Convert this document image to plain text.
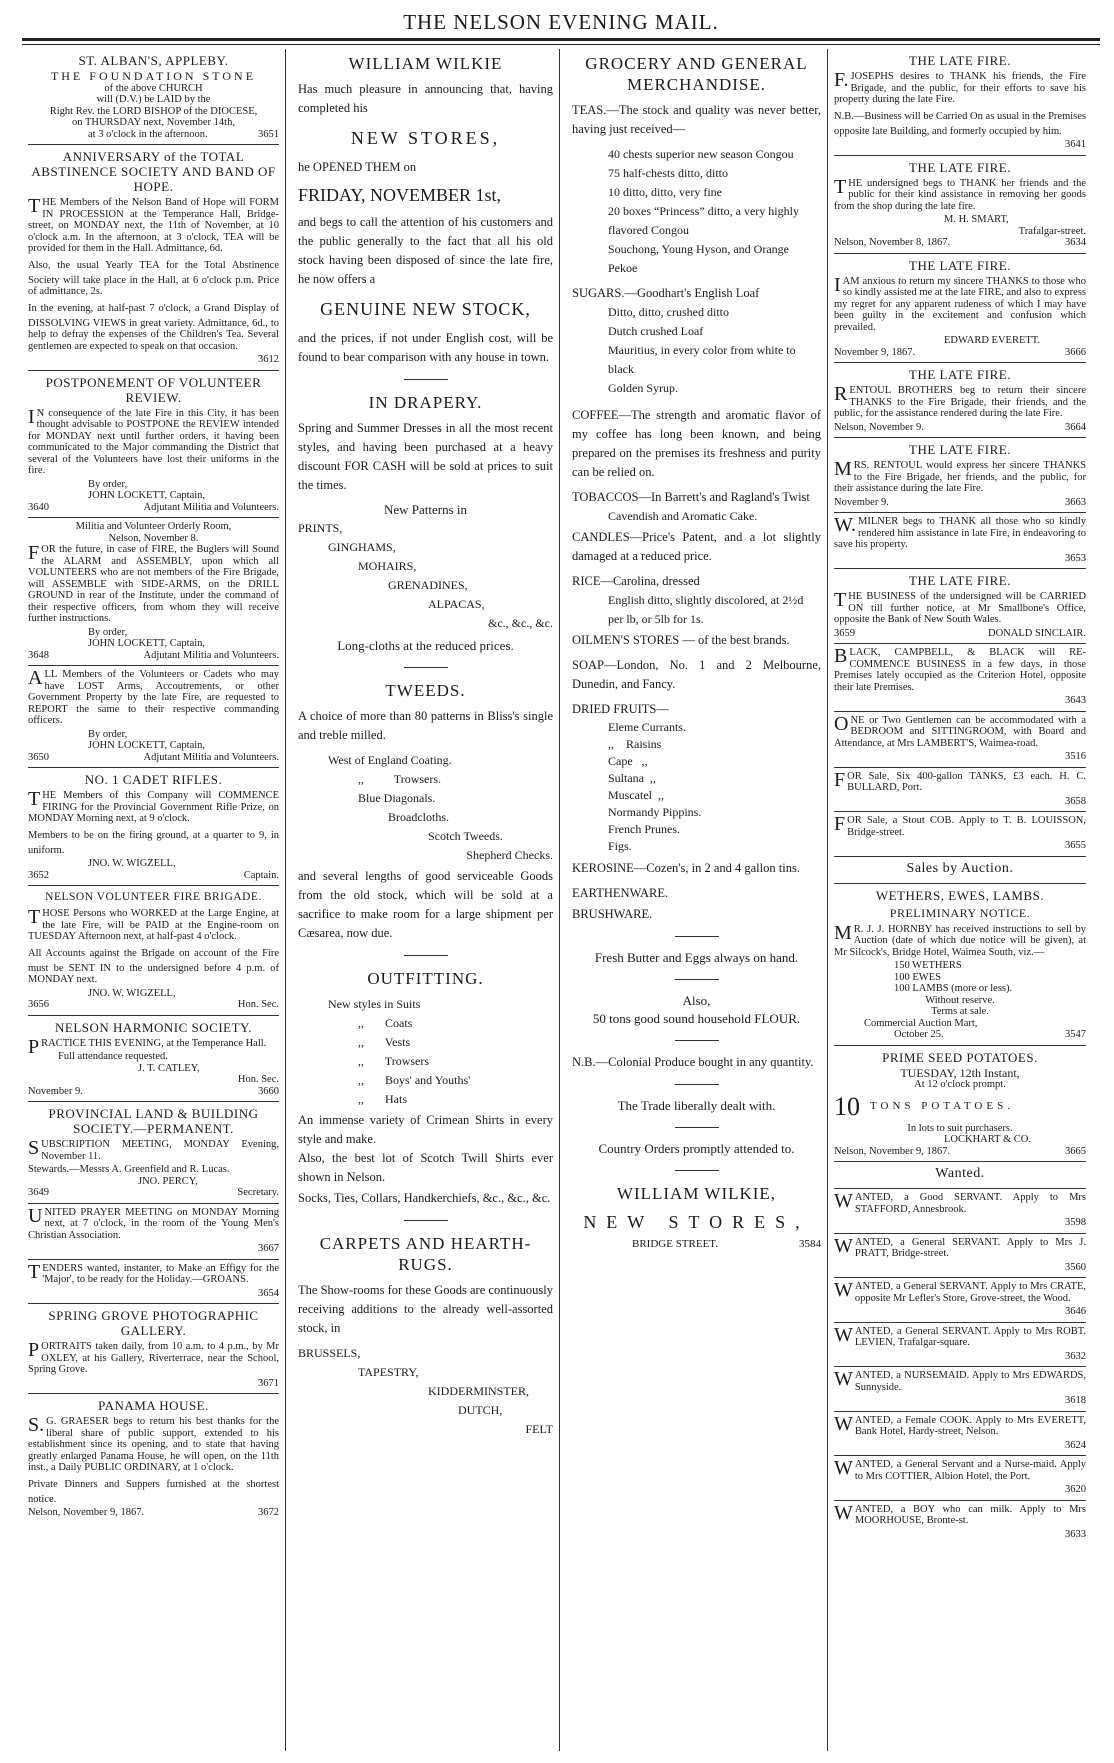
THE NELSON EVENING MAIL.
ST. ALBAN'S, APPLEBY.
THE FOUNDATION STONE
of the above CHURCH
will (D.V.) be LAID by the
Right Rev. the LORD BISHOP of the DIOCESE,
on THURSDAY next, November 14th,
at 3 o'clock in the afternoon.	3651
ANNIVERSARY of the TOTAL ABSTINENCE SOCIETY AND BAND OF HOPE.

THE Members of the Nelson Band of Hope will FORM IN PROCESSION at the Temperance Hall, Bridge-street, on MONDAY next, the 11th of November, at 10 o'clock a.m. In the afternoon, at 3 o'clock, TEA will be provided for them in the Hall. Admittance, 6d.

Also, the usual Yearly TEA for the Total Abstinence Society will take place in the Hall, at 6 o'clock p.m. Price of admittance, 2s.

In the evening, at half-past 7 o'clock, a Grand Display of DISSOLVING VIEWS in great variety. Admittance, 6d., to help to defray the expenses of the Children's Tea. Several gentlemen are expected to speak on that occasion.

3612
POSTPONEMENT OF VOLUNTEER REVIEW.

IN consequence of the late Fire in this City, it has been thought advisable to POSTPONE the REVIEW intended for MONDAY next until further orders, it having been communicated to the Major commanding the District that several of the Volunteers have lost their uniforms in the fire.

By order,
JOHN LOCKETT, Captain,
3640	Adjutant Militia and Volunteers.
Militia and Volunteer Orderly Room,
Nelson, November 8.

FOR the future, in case of FIRE, the Buglers will Sound the ALARM and ASSEMBLY, upon which all VOLUNTEERS who are not members of the Fire Brigade, will ASSEMBLE with SIDE-ARMS, on the DRILL GROUND in rear of the Institute, under the command of their respective officers, from whom they will receive further instructions.

By order,
JOHN LOCKETT, Captain,
3648	Adjutant Militia and Volunteers.

ALL Members of the Volunteers or Cadets who may have LOST Arms, Accoutrements, or other Government Property by the late Fire, are requested to REPORT the same to their respective commanding officers.

By order,
JOHN LOCKETT, Captain,
3650	Adjutant Militia and Volunteers.
NO. 1 CADET RIFLES.

THE Members of this Company will COMMENCE FIRING for the Provincial Government Rifle Prize, on MONDAY Morning next, at 9 o'clock.

Members to be on the firing ground, at a quarter to 9, in uniform.

JNO. W. WIGZELL,
3652	Captain.
NELSON VOLUNTEER FIRE BRIGADE.

THOSE Persons who WORKED at the Large Engine, at the late Fire, will be PAID at the Engine-room on TUESDAY Afternoon next, at half-past 4 o'clock.

All Accounts against the Brigade on account of the Fire must be SENT IN to the undersigned before 4 p.m. of MONDAY next.

JNO. W. WIGZELL,
3656	Hon. Sec.
NELSON HARMONIC SOCIETY.

PRACTICE THIS EVENING, at the Temperance Hall.

Full attendance requested.
J. T. CATLEY,
Hon. Sec.
November 9.	3660
PROVINCIAL LAND & BUILDING SOCIETY.—PERMANENT.

SUBSCRIPTION MEETING, MONDAY Evening, November 11.

Stewards.—Messrs A. Greenfield and R. Lucas.
JNO. PERCY,
3649	Secretary.

UNITED PRAYER MEETING on MONDAY Morning next, at 7 o'clock, in the room of the Young Men's Christian Association.

3667

TENDERS wanted, instanter, to Make an Effigy for the 'Major', to be ready for the Holiday.—GROANS.

3654
SPRING GROVE PHOTOGRAPHIC GALLERY.

PORTRAITS taken daily, from 10 a.m. to 4 p.m., by Mr OXLEY, at his Gallery, Riverterrace, near the School, Spring Grove.

3671
PANAMA HOUSE.

S.G. GRAESER begs to return his best thanks for the liberal share of public support, extended to his establishment since its opening, and to state that having greatly enlarged Panama House, he will open, on the 11th inst., a Daily PUBLIC ORDINARY, at 1 o'clock.

Private Dinners and Suppers furnished at the shortest notice.

Nelson, November 9, 1867.	3672
WILLIAM WILKIE
Has much pleasure in announcing that, having completed his
NEW STORES,
he OPENED THEM on
FRIDAY, NOVEMBER 1st,
and begs to call the attention of his customers and the public generally to the fact that all his old stock having been disposed of since the late fire, he now offers a
GENUINE NEW STOCK,
and the prices, if not under English cost, will be found to bear comparison with any house in town.
IN DRAPERY.
Spring and Summer Dresses in all the most recent styles, and having been purchased at a heavy discount FOR CASH will be sold at prices to suit the times.
New Patterns in
PRINTS,
GINGHAMS,
MOHAIRS,
GRENADINES,
ALPACAS,
&c., &c., &c.
Long-cloths at the reduced prices.
TWEEDS.
A choice of more than 80 patterns in Bliss's single and treble milled.
West of England Coating.
,,          Trowsers.
Blue Diagonals.
Broadcloths.
Scotch Tweeds.
Shepherd Checks.
and several lengths of good serviceable Goods from the old stock, which will be sold at a sacrifice to make room for a large shipment per Cæsarea, now due.
OUTFITTING.
New styles in Suits
,,       Coats
,,       Vests
,,       Trowsers
,,       Boys' and Youths'
,,       Hats
An immense variety of Crimean Shirts in every style and make.
Also, the best lot of Scotch Twill Shirts ever shown in Nelson.
Socks, Ties, Collars, Handkerchiefs, &c., &c., &c.
CARPETS AND HEARTH-RUGS.
The Show-rooms for these Goods are continuously receiving additions to the already well-assorted stock, in
BRUSSELS,
TAPESTRY,
KIDDERMINSTER,
DUTCH,
FELT
GROCERY AND GENERAL MERCHANDISE.
TEAS.—The stock and quality was never better, having just received—
40 chests superior new season Congou
75 half-chests ditto, ditto
10 ditto, ditto, very fine
20 boxes “Princess” ditto, a very highly flavored Congou
Souchong, Young Hyson, and Orange Pekoe
SUGARS.—Goodhart's English Loaf
Ditto, ditto, crushed ditto
Dutch crushed Loaf
Mauritius, in every color from white to black
Golden Syrup.
COFFEE—The strength and aromatic flavor of my coffee has long been known, and being prepared on the premises its freshness and purity can be relied on.
TOBACCOS—In Barrett's and Ragland's Twist
Cavendish and Aromatic Cake.
CANDLES—Price's Patent, and a lot slightly damaged at a reduced price.
RICE—Carolina, dressed
English ditto, slightly discolored, at 2½d per lb, or 5lb for 1s.
OILMEN'S STORES — of the best brands.
SOAP—London, No. 1 and 2 Melbourne, Dunedin, and Fancy.
DRIED FRUITS—
Eleme Currants.
,,    Raisins
Cape   ,,
Sultana  ,,
Muscatel  ,,
Normandy Pippins.
French Prunes.
Figs.
KEROSINE—Cozen's, in 2 and 4 gallon tins.
EARTHENWARE.
BRUSHWARE.
Fresh Butter and Eggs always on hand.
Also,
50 tons good sound household FLOUR.
N.B.—Colonial Produce bought in any quantity.
The Trade liberally dealt with.
Country Orders promptly attended to.
WILLIAM WILKIE,
NEW STORES,
BRIDGE STREET.	3584
THE LATE FIRE.

F.JOSEPHS desires to THANK his friends, the Fire Brigade, and the public, for their efforts to save his property during the late Fire.

N.B.—Business will be Carried On as usual in the Premises opposite late Building, and formerly occupied by him.

3641
THE LATE FIRE.

THE undersigned begs to THANK her friends and the public for their kind assistance in removing her goods from the shop during the late fire.

M. H. SMART,
Trafalgar-street.
Nelson, November 8, 1867.	3634
THE LATE FIRE.

IAM anxious to return my sincere THANKS to those who so kindly assisted me at the late FIRE, and also to express my regret for any apparent rudeness of which I may have been guilty in the excitement and confusion which prevailed.

EDWARD EVERETT.
November 9, 1867.	3666
THE LATE FIRE.

RENTOUL BROTHERS beg to return their sincere THANKS to the Fire Brigade, their friends, and the public, for the assistance rendered during the late Fire.

Nelson, November 9.	3664
THE LATE FIRE.

MRS. RENTOUL would express her sincere THANKS to the Fire Brigade, her friends, and the public, for their assistance during the late Fire.

November 9.	3663

W.MILNER begs to THANK all those who so kindly rendered him assistance in late Fire, in endeavoring to save his property.

3653
THE LATE FIRE.

THE BUSINESS of the undersigned will be CARRIED ON till further notice, at Mr Smallbone's Office, opposite the Bank of New South Wales.

3659	DONALD SINCLAIR.

BLACK, CAMPBELL, & BLACK will RE-COMMENCE BUSINESS in a few days, in those Premises lately occupied as the Criterion Hotel, opposite their late Premises.

3643

ONE or Two Gentlemen can be accommodated with a BEDROOM and SITTINGROOM, with Board and Attendance, at Mrs LAMBERT'S, Waimea-road.

3516

FOR Sale, Six 400-gallon TANKS, £3 each. H. C. BULLARD, Port.

3658

FOR Sale, a Stout COB. Apply to T. B. LOUISSON, Bridge-street.

3655
Sales by Auction.
WETHERS, EWES, LAMBS.
PRELIMINARY NOTICE.

MR. J. J. HORNBY has received instructions to sell by Auction (date of which due notice will be given), at Mr Silcock's, Bridge Hotel, Waimea South, viz.—

150 WETHERS
100 EWES
100 LAMBS (more or less).
Without reserve.
Terms at sale.
Commercial Auction Mart,
October 25.	3547
PRIME SEED POTATOES.
TUESDAY, 12th Instant,
At 12 o'clock prompt.
10 TONS POTATOES.
In lots to suit purchasers.
LOCKHART & CO.
Nelson, November 9, 1867.	3665
Wanted.

WANTED, a Good SERVANT. Apply to Mrs STAFFORD, Annesbrook.

3598

WANTED, a General SERVANT. Apply to Mrs J. PRATT, Bridge-street.

3560

WANTED, a General SERVANT. Apply to Mrs CRATE, opposite Mr Lefler's Store, Grove-street, the Wood.

3646

WANTED, a General SERVANT. Apply to Mrs ROBT. LEVIEN, Trafalgar-square.

3632

WANTED, a NURSEMAID. Apply to Mrs EDWARDS, Sunnyside.

3618

WANTED, a Female COOK. Apply to Mrs EVERETT, Bank Hotel, Hardy-street, Nelson.

3624

WANTED, a General Servant and a Nurse-maid. Apply to Mrs COTTIER, Albion Hotel, the Port.

3620

WANTED, a BOY who can milk. Apply to Mrs MOORHOUSE, Bronte-st.

3633
